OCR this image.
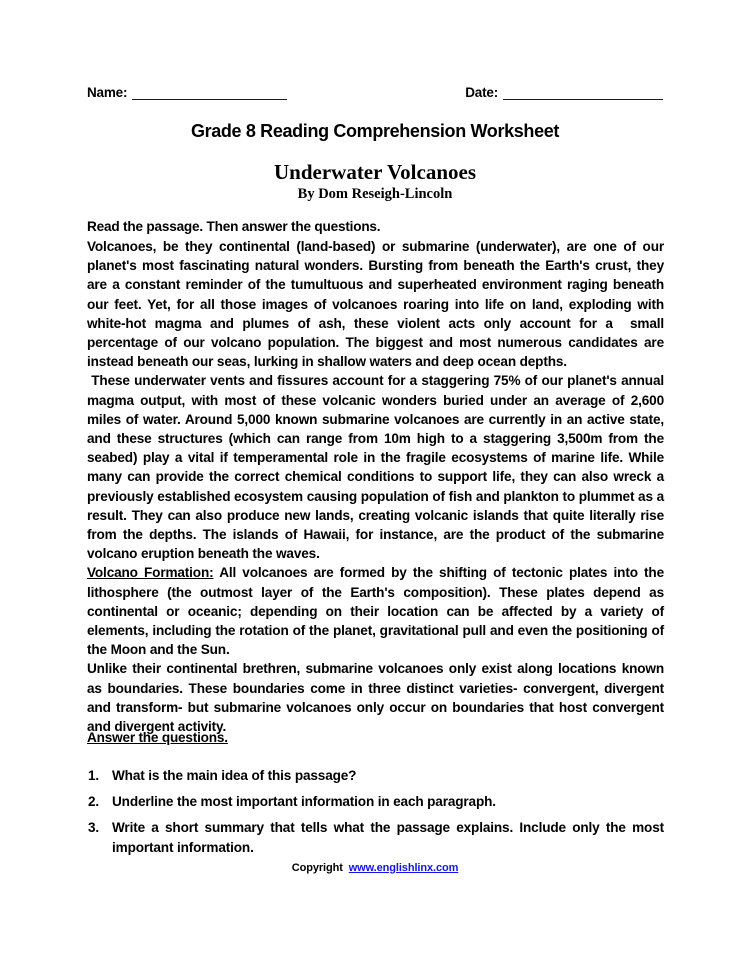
Name:	Date:
Grade 8 Reading Comprehension Worksheet
Underwater Volcanoes
By Dom Reseigh-Lincoln

Read the passage. Then answer the questions.

Volcanoes, be they continental (land-based) or submarine (underwater), are one of our planet's most fascinating natural wonders. Bursting from beneath the Earth's crust, they are a constant reminder of the tumultuous and superheated environment raging beneath our feet. Yet, for all those images of volcanoes roaring into life on land, exploding with white-hot magma and plumes of ash, these violent acts only account for a  small percentage of our volcano population. The biggest and most numerous candidates are instead beneath our seas, lurking in shallow waters and deep ocean depths.

These underwater vents and fissures account for a staggering 75% of our planet's annual magma output, with most of these volcanic wonders buried under an average of 2,600 miles of water. Around 5,000 known submarine volcanoes are currently in an active state, and these structures (which can range from 10m high to a staggering 3,500m from the seabed) play a vital if temperamental role in the fragile ecosystems of marine life. While many can provide the correct chemical conditions to support life, they can also wreck a previously established ecosystem causing population of fish and plankton to plummet as a result. They can also produce new lands, creating volcanic islands that quite literally rise from the depths. The islands of Hawaii, for instance, are the product of the submarine volcano eruption beneath the waves.

Volcano Formation: All volcanoes are formed by the shifting of tectonic plates into the lithosphere (the outmost layer of the Earth's composition). These plates depend as continental or oceanic; depending on their location can be affected by a variety of elements, including the rotation of the planet, gravitational pull and even the positioning of the Moon and the Sun.

Unlike their continental brethren, submarine volcanoes only exist along locations known as boundaries. These boundaries come in three distinct varieties- convergent, divergent and transform- but submarine volcanoes only occur on boundaries that host convergent and divergent activity.

Answer the questions.

1. What is the main idea of this passage?
2. Underline the most important information in each paragraph.
3. Write a short summary that tells what the passage explains. Include only the most important information.
Copyright www.englishlinx.com
